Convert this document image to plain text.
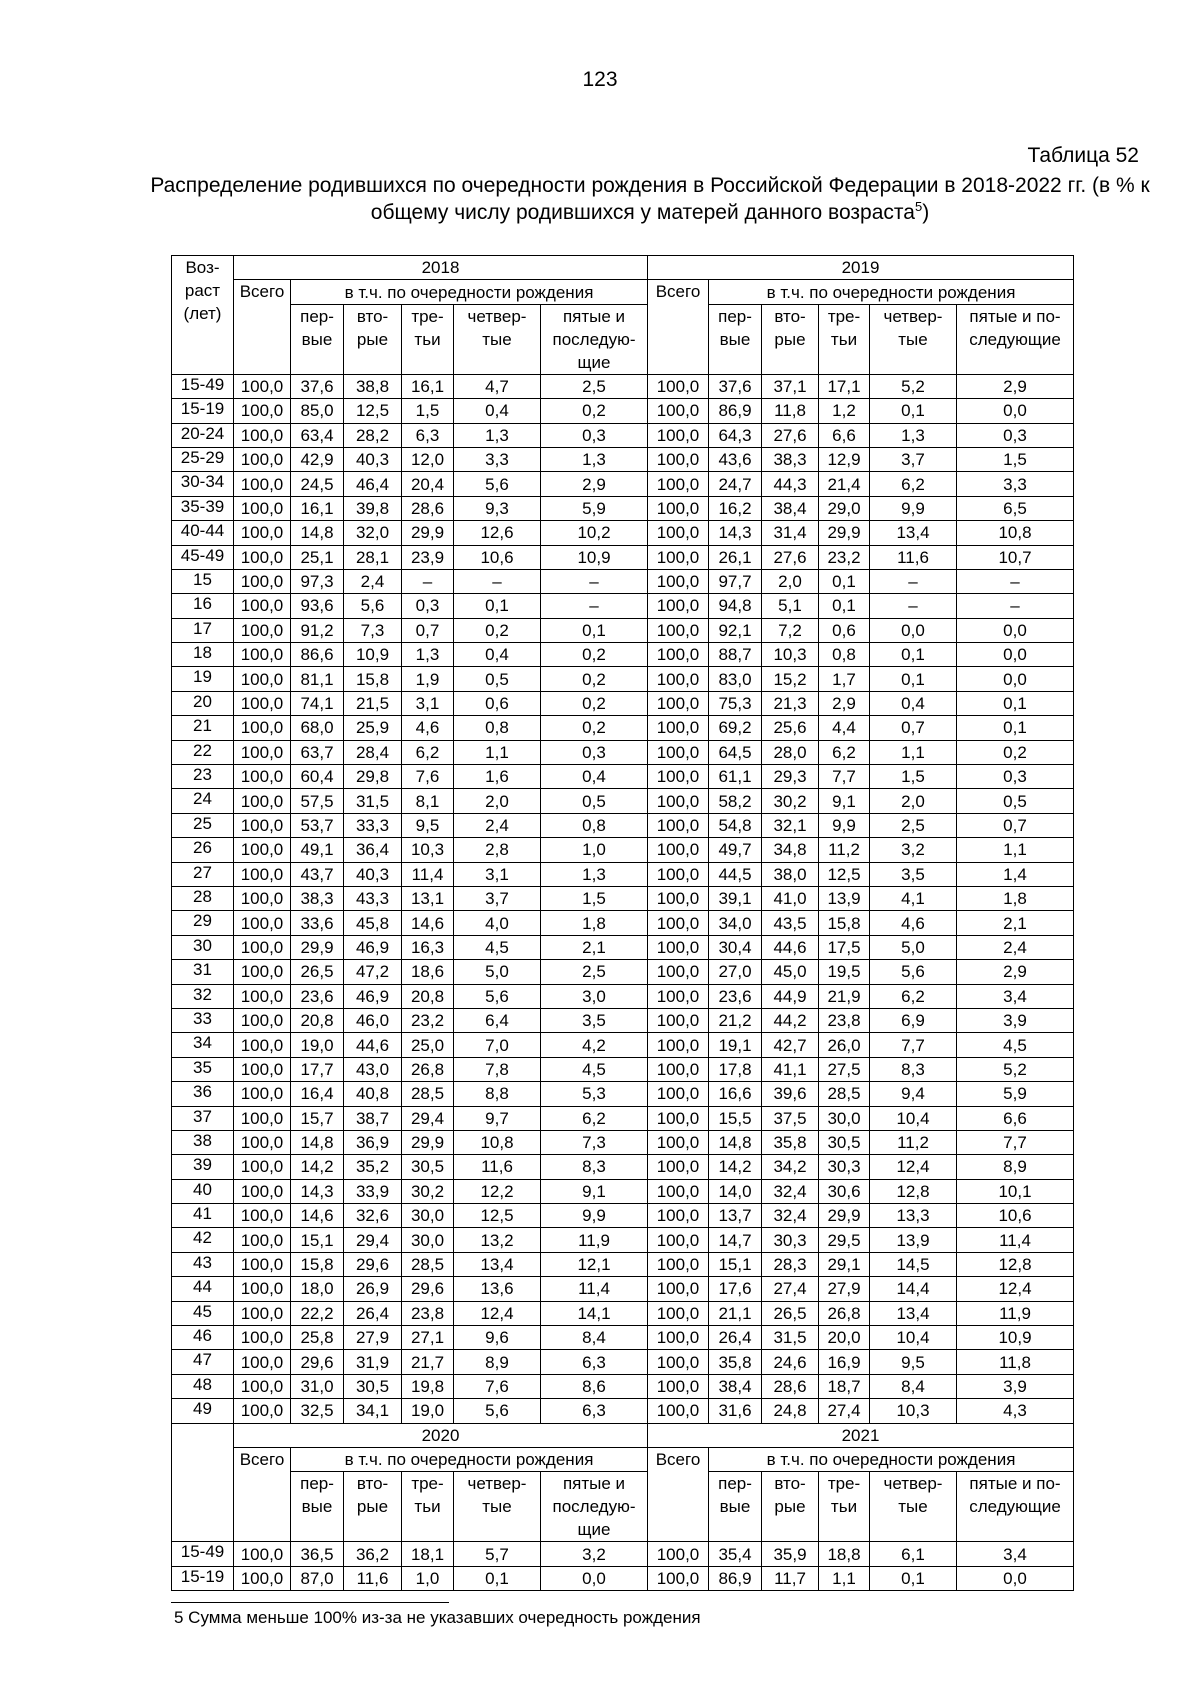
123
Таблица 52
Распределение родившихся по очередности рождения в Российской Федерации в 2018-2022 гг. (в % к общему числу родившихся у матерей данного возраста$^5$)
Воз-раст (лет)	2018						2019					
	Всего	в т.ч. по очередности рождения					Всего	в т.ч. по очередности рождения				
		пер-вые	вто-рые	тре-тьи	четвер-тые	пятые и последую-щие		пер-вые	вто-рые	тре-тьи	четвер-тые	пятые и по-следующие
15-49	100,0	37,6	38,8	16,1	4,7	2,5	100,0	37,6	37,1	17,1	5,2	2,9
15-19	100,0	85,0	12,5	1,5	0,4	0,2	100,0	86,9	11,8	1,2	0,1	0,0
20-24	100,0	63,4	28,2	6,3	1,3	0,3	100,0	64,3	27,6	6,6	1,3	0,3
25-29	100,0	42,9	40,3	12,0	3,3	1,3	100,0	43,6	38,3	12,9	3,7	1,5
30-34	100,0	24,5	46,4	20,4	5,6	2,9	100,0	24,7	44,3	21,4	6,2	3,3
35-39	100,0	16,1	39,8	28,6	9,3	5,9	100,0	16,2	38,4	29,0	9,9	6,5
40-44	100,0	14,8	32,0	29,9	12,6	10,2	100,0	14,3	31,4	29,9	13,4	10,8
45-49	100,0	25,1	28,1	23,9	10,6	10,9	100,0	26,1	27,6	23,2	11,6	10,7
15	100,0	97,3	2,4	–	–	–	100,0	97,7	2,0	0,1	–	–
16	100,0	93,6	5,6	0,3	0,1	–	100,0	94,8	5,1	0,1	–	–
17	100,0	91,2	7,3	0,7	0,2	0,1	100,0	92,1	7,2	0,6	0,0	0,0
18	100,0	86,6	10,9	1,3	0,4	0,2	100,0	88,7	10,3	0,8	0,1	0,0
19	100,0	81,1	15,8	1,9	0,5	0,2	100,0	83,0	15,2	1,7	0,1	0,0
20	100,0	74,1	21,5	3,1	0,6	0,2	100,0	75,3	21,3	2,9	0,4	0,1
21	100,0	68,0	25,9	4,6	0,8	0,2	100,0	69,2	25,6	4,4	0,7	0,1
22	100,0	63,7	28,4	6,2	1,1	0,3	100,0	64,5	28,0	6,2	1,1	0,2
23	100,0	60,4	29,8	7,6	1,6	0,4	100,0	61,1	29,3	7,7	1,5	0,3
24	100,0	57,5	31,5	8,1	2,0	0,5	100,0	58,2	30,2	9,1	2,0	0,5
25	100,0	53,7	33,3	9,5	2,4	0,8	100,0	54,8	32,1	9,9	2,5	0,7
26	100,0	49,1	36,4	10,3	2,8	1,0	100,0	49,7	34,8	11,2	3,2	1,1
27	100,0	43,7	40,3	11,4	3,1	1,3	100,0	44,5	38,0	12,5	3,5	1,4
28	100,0	38,3	43,3	13,1	3,7	1,5	100,0	39,1	41,0	13,9	4,1	1,8
29	100,0	33,6	45,8	14,6	4,0	1,8	100,0	34,0	43,5	15,8	4,6	2,1
30	100,0	29,9	46,9	16,3	4,5	2,1	100,0	30,4	44,6	17,5	5,0	2,4
31	100,0	26,5	47,2	18,6	5,0	2,5	100,0	27,0	45,0	19,5	5,6	2,9
32	100,0	23,6	46,9	20,8	5,6	3,0	100,0	23,6	44,9	21,9	6,2	3,4
33	100,0	20,8	46,0	23,2	6,4	3,5	100,0	21,2	44,2	23,8	6,9	3,9
34	100,0	19,0	44,6	25,0	7,0	4,2	100,0	19,1	42,7	26,0	7,7	4,5
35	100,0	17,7	43,0	26,8	7,8	4,5	100,0	17,8	41,1	27,5	8,3	5,2
36	100,0	16,4	40,8	28,5	8,8	5,3	100,0	16,6	39,6	28,5	9,4	5,9
37	100,0	15,7	38,7	29,4	9,7	6,2	100,0	15,5	37,5	30,0	10,4	6,6
38	100,0	14,8	36,9	29,9	10,8	7,3	100,0	14,8	35,8	30,5	11,2	7,7
39	100,0	14,2	35,2	30,5	11,6	8,3	100,0	14,2	34,2	30,3	12,4	8,9
40	100,0	14,3	33,9	30,2	12,2	9,1	100,0	14,0	32,4	30,6	12,8	10,1
41	100,0	14,6	32,6	30,0	12,5	9,9	100,0	13,7	32,4	29,9	13,3	10,6
42	100,0	15,1	29,4	30,0	13,2	11,9	100,0	14,7	30,3	29,5	13,9	11,4
43	100,0	15,8	29,6	28,5	13,4	12,1	100,0	15,1	28,3	29,1	14,5	12,8
44	100,0	18,0	26,9	29,6	13,6	11,4	100,0	17,6	27,4	27,9	14,4	12,4
45	100,0	22,2	26,4	23,8	12,4	14,1	100,0	21,1	26,5	26,8	13,4	11,9
46	100,0	25,8	27,9	27,1	9,6	8,4	100,0	26,4	31,5	20,0	10,4	10,9
47	100,0	29,6	31,9	21,7	8,9	6,3	100,0	35,8	24,6	16,9	9,5	11,8
48	100,0	31,0	30,5	19,8	7,6	8,6	100,0	38,4	28,6	18,7	8,4	3,9
49	100,0	32,5	34,1	19,0	5,6	6,3	100,0	31,6	24,8	27,4	10,3	4,3
	2020						2021					
	Всего	в т.ч. по очередности рождения					Всего	в т.ч. по очередности рождения				
		пер-вые	вто-рые	тре-тьи	четвер-тые	пятые и последую-щие		пер-вые	вто-рые	тре-тьи	четвер-тые	пятые и по-следующие
15-49	100,0	36,5	36,2	18,1	5,7	3,2	100,0	35,4	35,9	18,8	6,1	3,4
15-19	100,0	87,0	11,6	1,0	0,1	0,0	100,0	86,9	11,7	1,1	0,1	0,0
5 Сумма меньше 100% из-за не указавших очередность рождения
